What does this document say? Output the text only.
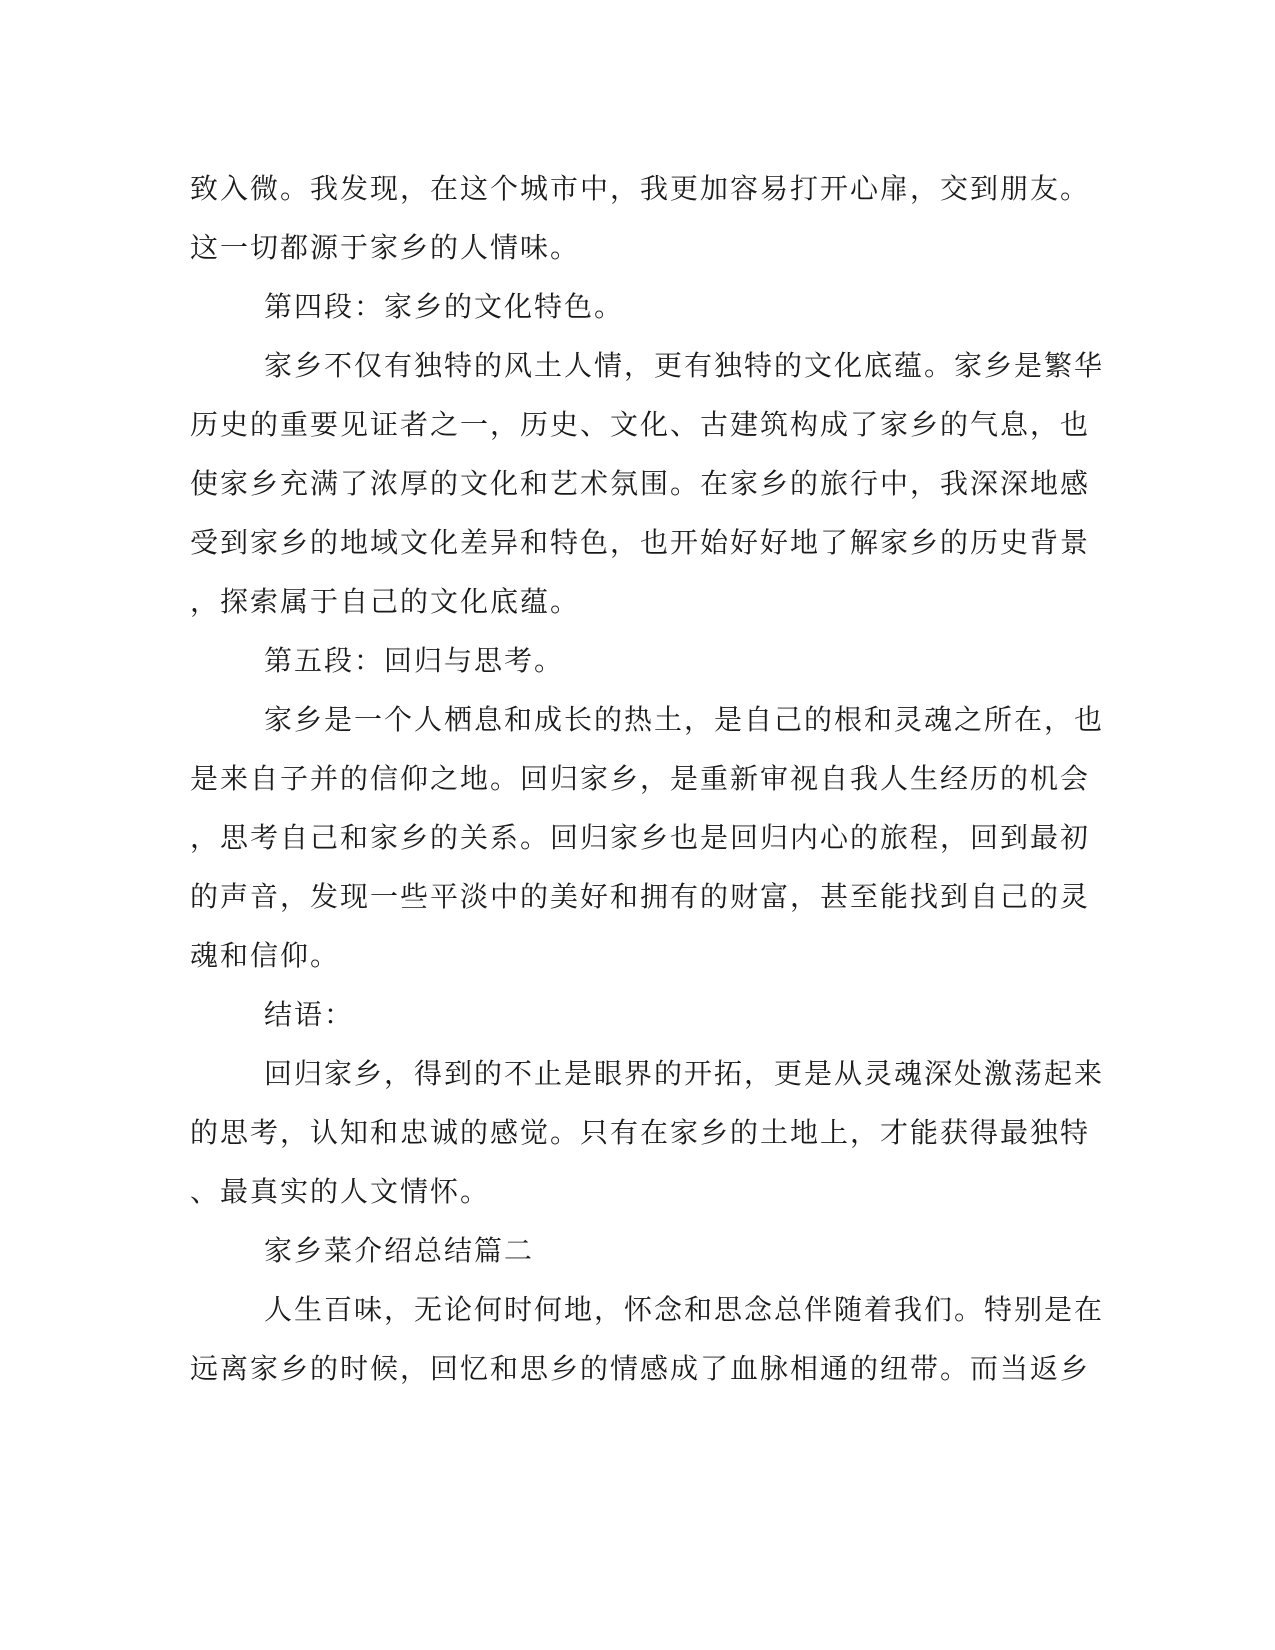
致入微。我发现，在这个城市中，我更加容易打开心扉，交到朋友。
这一切都源于家乡的人情味。
第四段：家乡的文化特色。
家乡不仅有独特的风土人情，更有独特的文化底蕴。家乡是繁华
历史的重要见证者之一，历史、文化、古建筑构成了家乡的气息，也
使家乡充满了浓厚的文化和艺术氛围。在家乡的旅行中，我深深地感
受到家乡的地域文化差异和特色，也开始好好地了解家乡的历史背景
，探索属于自己的文化底蕴。
第五段：回归与思考。
家乡是一个人栖息和成长的热土，是自己的根和灵魂之所在，也
是来自子并的信仰之地。回归家乡，是重新审视自我人生经历的机会
，思考自己和家乡的关系。回归家乡也是回归内心的旅程，回到最初
的声音，发现一些平淡中的美好和拥有的财富，甚至能找到自己的灵
魂和信仰。
结语：
回归家乡，得到的不止是眼界的开拓，更是从灵魂深处激荡起来
的思考，认知和忠诚的感觉。只有在家乡的土地上，才能获得最独特
、最真实的人文情怀。
家乡菜介绍总结篇二
人生百味，无论何时何地，怀念和思念总伴随着我们。特别是在
远离家乡的时候，回忆和思乡的情感成了血脉相通的纽带。而当返乡
